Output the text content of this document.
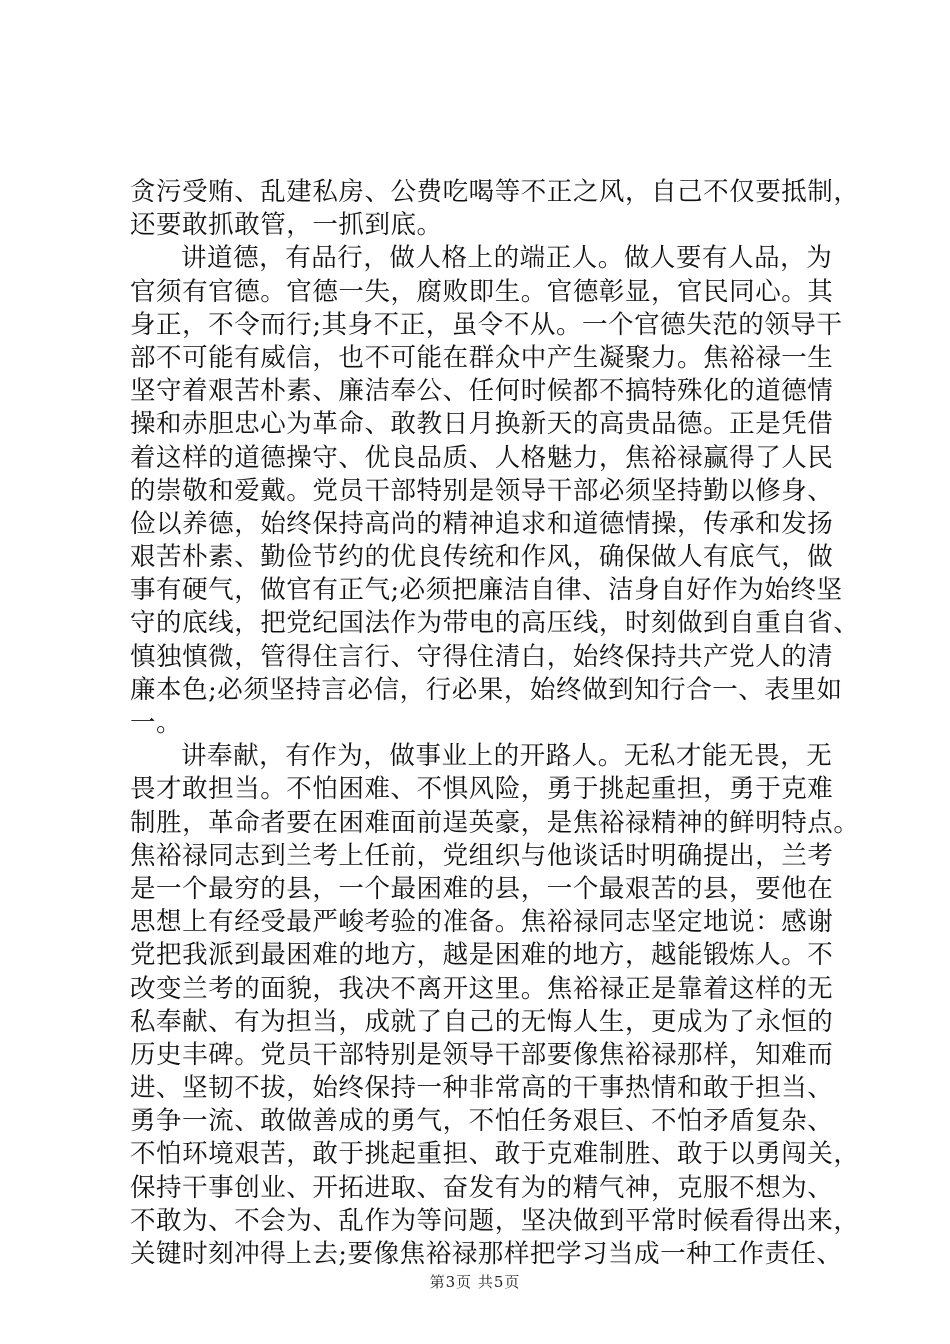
贪污受贿、乱建私房、公费吃喝等不正之风，自己不仅要抵制，
还要敢抓敢管，一抓到底。
讲道德，有品行，做人格上的端正人。做人要有人品，为
官须有官德。官德一失，腐败即生。官德彰显，官民同心。其
身正，不令而行;其身不正，虽令不从。一个官德失范的领导干
部不可能有威信，也不可能在群众中产生凝聚力。焦裕禄一生
坚守着艰苦朴素、廉洁奉公、任何时候都不搞特殊化的道德情
操和赤胆忠心为革命、敢教日月换新天的高贵品德。正是凭借
着这样的道德操守、优良品质、人格魅力，焦裕禄赢得了人民
的崇敬和爱戴。党员干部特别是领导干部必须坚持勤以修身、
俭以养德，始终保持高尚的精神追求和道德情操，传承和发扬
艰苦朴素、勤俭节约的优良传统和作风，确保做人有底气，做
事有硬气，做官有正气;必须把廉洁自律、洁身自好作为始终坚
守的底线，把党纪国法作为带电的高压线，时刻做到自重自省、
慎独慎微，管得住言行、守得住清白，始终保持共产党人的清
廉本色;必须坚持言必信，行必果，始终做到知行合一、表里如
一。
讲奉献，有作为，做事业上的开路人。无私才能无畏，无
畏才敢担当。不怕困难、不惧风险，勇于挑起重担，勇于克难
制胜，革命者要在困难面前逞英豪，是焦裕禄精神的鲜明特点。
焦裕禄同志到兰考上任前，党组织与他谈话时明确提出，兰考
是一个最穷的县，一个最困难的县，一个最艰苦的县，要他在
思想上有经受最严峻考验的准备。焦裕禄同志坚定地说：感谢
党把我派到最困难的地方，越是困难的地方，越能锻炼人。不
改变兰考的面貌，我决不离开这里。焦裕禄正是靠着这样的无
私奉献、有为担当，成就了自己的无悔人生，更成为了永恒的
历史丰碑。党员干部特别是领导干部要像焦裕禄那样，知难而
进、坚韧不拔，始终保持一种非常高的干事热情和敢于担当、
勇争一流、敢做善成的勇气，不怕任务艰巨、不怕矛盾复杂、
不怕环境艰苦，敢于挑起重担、敢于克难制胜、敢于以勇闯关，
保持干事创业、开拓进取、奋发有为的精气神，克服不想为、
不敢为、不会为、乱作为等问题，坚决做到平常时候看得出来，
关键时刻冲得上去;要像焦裕禄那样把学习当成一种工作责任、
第3页 共5页
